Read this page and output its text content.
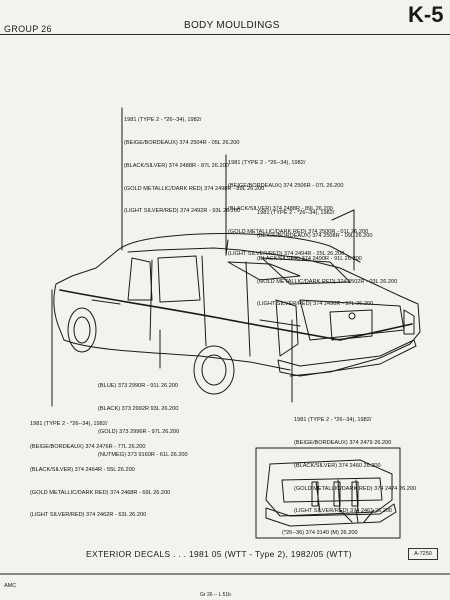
GROUP 26	BODY MOULDINGS	K-5

1981 (TYPE 2 - *26--34), 1982/

(BEIGE/BORDEAUX) 374 2504R - 05L 26.200

(BLACK/SILVER) 374 2488R - 87L 26.200

(GOLD METALLIC/DARK RED) 374 2498R - 89L 26.200

(LIGHT SILVER/RED) 374 2492R - 93L 26.200

1981 (TYPE 2 - *26--34), 1982/

(BEIGE/BORDEAUX) 374 2506R - 07L 26.200

(BLACK/SILVER) 374 2488R - 89L 26.200

(GOLD METALLIC/DARK RED) 374 2500R - 01L 26.200

(LIGHT SILVER/RED) 374 2494R - 25L 26.200

1981 (TYPE 2 - *26--34), 1982/

(BEIGE/BORDEAUX) 374 2508R - 09L 26.200

(BLACK/SILVER) 374 2490R - 91L 26.200

(GOLD METALLIC/DARK RED) 374 2502R - 03L 26.200

(LIGHT SILVER/RED) 374 2496R - 97L 26.200

(BLUE) 373 2990R - 91L 26.200

(BLACK) 373 2992R 93L 26.200

(GOLD) 373 2996R - 97L 26.200

(NUTMEG) 373 9160R - 61L 26.200

1981 (TYPE 2 - *26--34), 1982/

(BEIGE/BORDEAUX) 374 2476R - 77L 26.200

(BLACK/SILVER) 374 2464R - 55L 26.200

(GOLD METALLIC/DARK RED) 374 2468R - 69L 26.200

(LIGHT SILVER/RED) 374 2462R - 63L 26.200

1981 (TYPE 2 - *26--34), 1982/

(BEIGE/BORDEAUX) 374 2479 26.200

(BLACK/SILVER) 374 2460 26.200

(GOLD METALLIC/DARK RED) 374 2474 26.200

(LIGHT SILVER/RED) 374 2461 26.200

(*26--36) 374 3140 (M) 26.200
EXTERIOR DECALS . . . 1981 05 (WTT - Type 2), 1982/05 (WTT)	A-7250
AMC
Gr 26 -- L 51b
